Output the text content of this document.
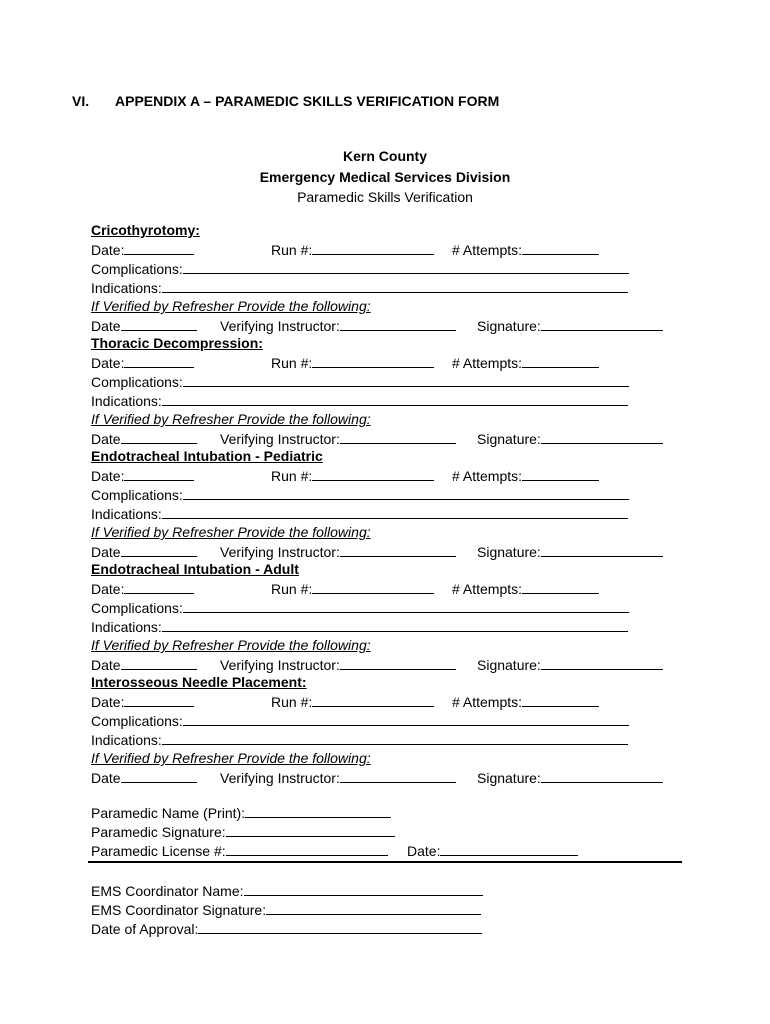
VI. APPENDIX A – PARAMEDIC SKILLS VERIFICATION FORM
Kern County
Emergency Medical Services Division
Paramedic Skills Verification
Cricothyrotomy:
Date:	Run #:	# Attempts:
Complications:
Indications:
If Verified by Refresher Provide the following:
Date	Verifying Instructor:	Signature:
Thoracic Decompression:
Date:	Run #:	# Attempts:
Complications:
Indications:
If Verified by Refresher Provide the following:
Date	Verifying Instructor:	Signature:
Endotracheal Intubation - Pediatric
Date:	Run #:	# Attempts:
Complications:
Indications:
If Verified by Refresher Provide the following:
Date	Verifying Instructor:	Signature:
Endotracheal Intubation - Adult
Date:	Run #:	# Attempts:
Complications:
Indications:
If Verified by Refresher Provide the following:
Date	Verifying Instructor:	Signature:
Interosseous Needle Placement:
Date:	Run #:	# Attempts:
Complications:
Indications:
If Verified by Refresher Provide the following:
Date	Verifying Instructor:	Signature:
Paramedic Name (Print):
Paramedic Signature:
Paramedic License #:	Date:
EMS Coordinator Name:
EMS Coordinator Signature:
Date of Approval:
